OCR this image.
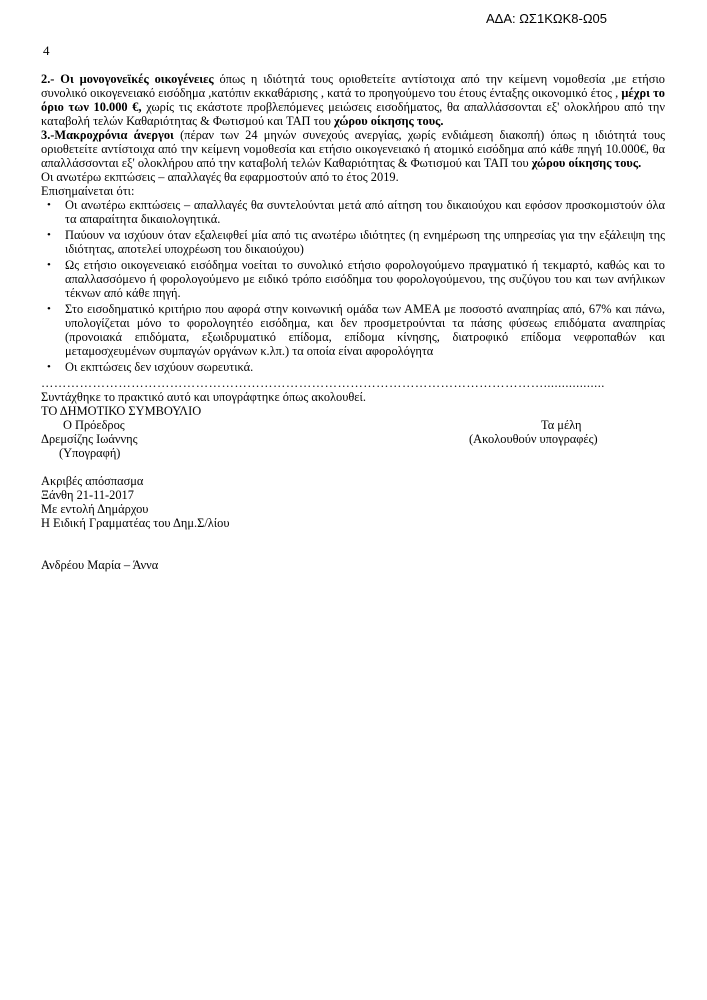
ΑΔΑ: ΩΣ1ΚΩΚ8-Ω05
4

2.- Οι μονογονεϊκές οικογένειες όπως η ιδιότητά τους οριοθετείτε αντίστοιχα από την κείμενη νομοθεσία ,με ετήσιο συνολικό οικογενειακό εισόδημα ,κατόπιν εκκαθάρισης , κατά το προηγούμενο του έτους ένταξης οικονομικό έτος , μέχρι το όριο των 10.000 €, χωρίς τις εκάστοτε προβλεπόμενες μειώσεις εισοδήματος, θα απαλλάσσονται εξ' ολοκλήρου από την καταβολή τελών Καθαριότητας & Φωτισμού και ΤΑΠ του χώρου οίκησης τους.

3.-Μακροχρόνια άνεργοι (πέραν των 24 μηνών συνεχούς ανεργίας, χωρίς ενδιάμεση διακοπή) όπως η ιδιότητά τους οριοθετείτε αντίστοιχα από την κείμενη νομοθεσία και ετήσιο οικογενειακό ή ατομικό εισόδημα από κάθε πηγή 10.000€, θα απαλλάσσονται εξ' ολοκλήρου από την καταβολή τελών Καθαριότητας & Φωτισμού και ΤΑΠ του χώρου οίκησης τους.

Οι ανωτέρω εκπτώσεις – απαλλαγές θα εφαρμοστούν από το έτος 2019.

Επισημαίνεται ότι:

• Οι ανωτέρω εκπτώσεις – απαλλαγές θα συντελούνται μετά από αίτηση του δικαιούχου και εφόσον προσκομιστούν όλα τα απαραίτητα δικαιολογητικά.
• Παύουν να ισχύουν όταν εξαλειφθεί μία από τις ανωτέρω ιδιότητες (η ενημέρωση της υπηρεσίας για την εξάλειψη της ιδιότητας, αποτελεί υποχρέωση του δικαιούχου)
• Ως ετήσιο οικογενειακό εισόδημα νοείται το συνολικό ετήσιο φορολογούμενο πραγματικό ή τεκμαρτό, καθώς και το απαλλασσόμενο ή φορολογούμενο με ειδικό τρόπο εισόδημα του φορολογούμενου, της συζύγου του και των ανήλικων τέκνων από κάθε πηγή.
• Στο εισοδηματικό κριτήριο που αφορά στην κοινωνική ομάδα των ΑΜΕΑ με ποσοστό αναπηρίας από, 67% και πάνω, υπολογίζεται μόνο το φορολογητέο εισόδημα, και δεν προσμετρούνται τα πάσης φύσεως επιδόματα αναπηρίας (προνοιακά επιδόματα, εξωιδρυματικό επίδομα, επίδομα κίνησης, διατροφικό επίδομα νεφροπαθών και μεταμοσχευμένων συμπαγών οργάνων κ.λπ.) τα οποία είναι αφορολόγητα
• Οι εκπτώσεις δεν ισχύουν σωρευτικά.
……………………………………………………………………………………………………….................

Συντάχθηκε το πρακτικό αυτό και υπογράφτηκε όπως ακολουθεί.

ΤΟ ΔΗΜΟΤΙΚΟ ΣΥΜΒΟΥΛΙΟ

Ο Πρόεδρος	Τα μέλη
Δρεμσίζης Ιωάννης	(Ακολουθούν υπογραφές)
(Υπογραφή)

Ακριβές απόσπασμα

Ξάνθη 21-11-2017

Με εντολή Δημάρχου

Η Ειδική Γραμματέας του Δημ.Σ/λίου

Ανδρέου Μαρία – Άννα
